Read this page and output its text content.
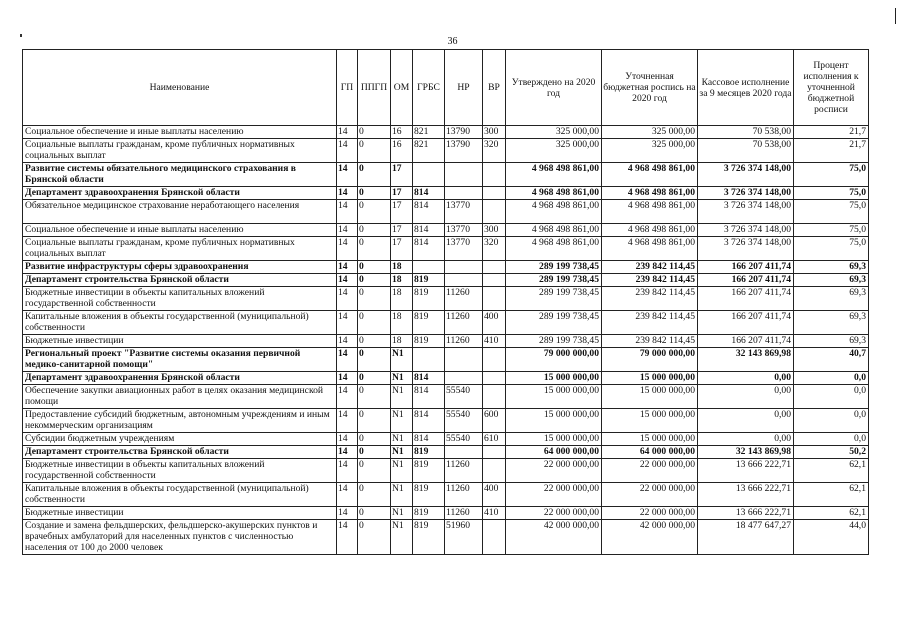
36
Наименование	ГП	ППГП	ОМ	ГРБС	НР	ВР	Утверждено на 2020 год	Уточненная бюджетная роспись на 2020 год	Кассовое исполнение за 9 месяцев 2020 года	Процент исполнения к уточненной бюджетной росписи
Социальное обеспечение и иные выплаты населению	14	0	16	821	13790	300	325 000,00	325 000,00	70 538,00	21,7
Социальные выплаты гражданам, кроме публичных нормативных социальных выплат	14	0	16	821	13790	320	325 000,00	325 000,00	70 538,00	21,7
Развитие системы обязательного медицинского страхования в Брянской области	14	0	17				4 968 498 861,00	4 968 498 861,00	3 726 374 148,00	75,0
Департамент здравоохранения Брянской области	14	0	17	814			4 968 498 861,00	4 968 498 861,00	3 726 374 148,00	75,0
Обязательное медицинское страхование неработающего населения	14	0	17	814	13770		4 968 498 861,00	4 968 498 861,00	3 726 374 148,00	75,0
Социальное обеспечение и иные выплаты населению	14	0	17	814	13770	300	4 968 498 861,00	4 968 498 861,00	3 726 374 148,00	75,0
Социальные выплаты гражданам, кроме публичных нормативных социальных выплат	14	0	17	814	13770	320	4 968 498 861,00	4 968 498 861,00	3 726 374 148,00	75,0
Развитие инфраструктуры сферы здравоохранения	14	0	18				289 199 738,45	239 842 114,45	166 207 411,74	69,3
Департамент строительства Брянской области	14	0	18	819			289 199 738,45	239 842 114,45	166 207 411,74	69,3
Бюджетные инвестиции в объекты капитальных вложений государственной собственности	14	0	18	819	11260		289 199 738,45	239 842 114,45	166 207 411,74	69,3
Капитальные вложения в объекты государственной (муниципальной) собственности	14	0	18	819	11260	400	289 199 738,45	239 842 114,45	166 207 411,74	69,3
Бюджетные инвестиции	14	0	18	819	11260	410	289 199 738,45	239 842 114,45	166 207 411,74	69,3
Региональный проект "Развитие системы оказания первичной медико-санитарной помощи"	14	0	N1				79 000 000,00	79 000 000,00	32 143 869,98	40,7
Департамент здравоохранения Брянской области	14	0	N1	814			15 000 000,00	15 000 000,00	0,00	0,0
Обеспечение закупки авиационных работ в целях оказания медицинской помощи	14	0	N1	814	55540		15 000 000,00	15 000 000,00	0,00	0,0
Предоставление субсидий бюджетным, автономным учреждениям и иным некоммерческим организациям	14	0	N1	814	55540	600	15 000 000,00	15 000 000,00	0,00	0,0
Субсидии бюджетным учреждениям	14	0	N1	814	55540	610	15 000 000,00	15 000 000,00	0,00	0,0
Департамент строительства Брянской области	14	0	N1	819			64 000 000,00	64 000 000,00	32 143 869,98	50,2
Бюджетные инвестиции в объекты капитальных вложений государственной собственности	14	0	N1	819	11260		22 000 000,00	22 000 000,00	13 666 222,71	62,1
Капитальные вложения в объекты государственной (муниципальной) собственности	14	0	N1	819	11260	400	22 000 000,00	22 000 000,00	13 666 222,71	62,1
Бюджетные инвестиции	14	0	N1	819	11260	410	22 000 000,00	22 000 000,00	13 666 222,71	62,1
Создание и замена фельдшерских, фельдшерско-акушерских пунктов и врачебных амбулаторий для населенных пунктов с численностью населения от 100 до 2000 человек	14	0	N1	819	51960		42 000 000,00	42 000 000,00	18 477 647,27	44,0
